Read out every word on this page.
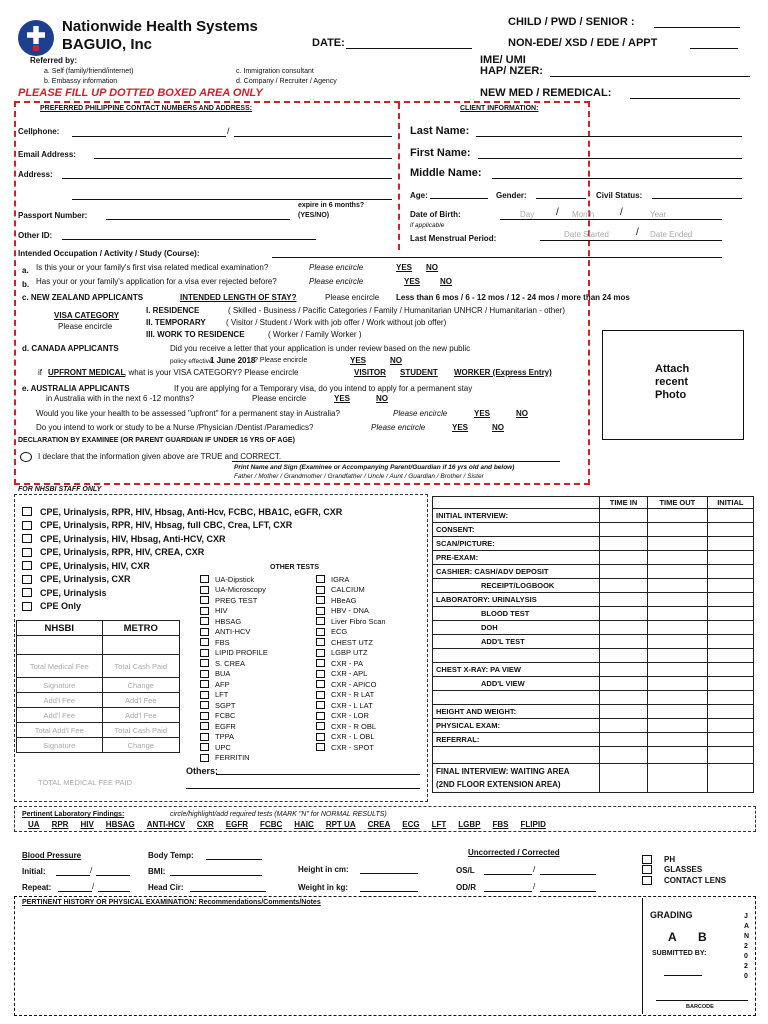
Nationwide Health Systems
BAGUIO, Inc	DATE:
CHILD / PWD / SENIOR :
NON-EDE/ XSD / EDE / APPT
IME/ UMI
HAP/ NZER:
NEW MED / REMEDICAL:
Referred by:
a. Self (family/friend/internet)
b. Embassy information
c. Immigration consultant
d. Company / Recruiter / Agency
PLEASE FILL UP DOTTED BOXED AREA ONLY
PREFERRED PHILIPPINE CONTACT NUMBERS AND ADDRESS:	CLIENT INFORMATION:
Cellphone:	/
Email Address:
Address:
expire in 6 months?
(YES/NO)
Passport Number:
Other ID:
Last Name:
First Name:
Middle Name:
Age:	Gender:	Civil Status:
Date of Birth:	Day / Month	/	Year
if applicable
Last Menstrual Period:	Date Started	/ Date Ended
Intended Occupation / Activity / Study (Course):
a. Is this your or your family's first visa related medical examination?	Please encircle	YES NO
b. Has your or your family's application for a visa ever rejected before?	Please encircle	YES NO
c. NEW ZEALAND APPLICANTS	INTENDED LENGTH OF STAY?	Please encircle Less than 6 mos / 6 - 12 mos / 12 - 24 mos / more than 24 mos
VISA CATEGORY
Please encircle
I. RESIDENCE	( Skilled - Business / Pacific Categories / Family / Humanitarian UNHCR / Humanitarian - other)
II. TEMPORARY	( Visitor / Student / Work with job offer / Work without job offer)
III. WORK TO RESIDENCE	( Worker / Family Worker )
d. CANADA APPLICANTS	Did you receive a letter that your application is under review based on the new public
policy effective
1 June 2018
? Please encircle	YES	NO
if UPFRONT MEDICAL
, what is your VISA CATEGORY? Please encircle	VISITOR STUDENT WORKER (Express Entry)
e. AUSTRALIA APPLICANTS	If you are applying for a Temporary visa, do you intend to apply for a permanent stay
in Australia with in the next 6 -12 months?	Please encircle	YES	NO
Would you like your health to be assessed "upfront" for a permanent stay in Australia?	Please encircle	YES	NO
Do you intend to work or study to be a Nurse /Physician /Dentist /Paramedics?	Please encircle	YES	NO
DECLARATION BY EXAMINEE (OR PARENT GUARDIAN IF UNDER 16 YRS OF AGE)
I declare that the information given above are TRUE and CORRECT.
Print Name and Sign (Examinee or Accompanying Parent/Guardian if 16 yrs old and below)
Father / Mother / Grandmother / Grandfather / Uncle / Aunt / Guardian / Brother / Sister
Attach recent Photo
FOR NHSBI STAFF ONLY
CPE, Urinalysis, RPR, HIV, Hbsag, Anti-Hcv, FCBC, HBA1C, eGFR, CXR
CPE, Urinalysis, RPR, HIV, Hbsag, full CBC, Crea, LFT, CXR
CPE, Urinalysis, HIV, Hbsag, Anti-HCV, CXR
CPE, Urinalysis, RPR, HIV, CREA, CXR
CPE, Urinalysis, HIV, CXR
CPE, Urinalysis, CXR
CPE, Urinalysis
CPE Only
OTHER TESTS
UA-Dipstick
UA-Microscopy
PREG TEST
HIV
HBSAG
ANTI-HCV
FBS
LIPID PROFILE
S. CREA
BUA
AFP
LFT
SGPT
FCBC
EGFR
TPPA
UPC
FERRITIN
IGRA
CALCIUM
HBeAG
HBV - DNA
Liver Fibro Scan
ECG
CHEST UTZ
LGBP UTZ
CXR - PA
CXR - APL
CXR - APICO
CXR - R LAT
CXR - L LAT
CXR - LOR
CXR - R OBL
CXR - L OBL
CXR - SPOT
NHSBI	METRO

Total Medical Fee	Total Cash Paid
Signature	Change
Add'l Fee	Add'l Fee
Add'l Fee	Add'l Fee
Total Add'l Fee	Total Cash Paid
Signature	Change
TOTAL MEDICAL FEE PAID
Others:
	TIME IN	TIME OUT	INITIAL
INITIAL INTERVIEW:			
CONSENT:			
SCAN/PICTURE:			
PRE-EXAM:			
CASHIER: CASH/ADV DEPOSIT			
RECEIPT/LOGBOOK			
LABORATORY: URINALYSIS			
BLOOD TEST			
DOH			
ADD'L TEST			

CHEST X-RAY: PA VIEW			
ADD'L VIEW			

HEIGHT AND WEIGHT:			
PHYSICAL EXAM:			
REFERRAL:			

FINAL INTERVIEW: WAITING AREA
(2ND FLOOR EXTENSION AREA)			

Pertinent Laboratory Findings:	circle/highlight/add required tests (MARK "N" for NORMAL RESULTS)
UA RPR HIV HBSAG ANTI-HCV CXR EGFR FCBC HAIC RPT UA CREA ECG LFT LGBP FBS FLIPID
Blood Pressure
Initial:	/
Repeat:	/
Body Temp:
BMI:
Head Cir:
Height in cm:
Weight in kg:
Uncorrected / Corrected
OS/L	/
OD/R	/
PH
GLASSES
CONTACT LENS
PERTINENT HISTORY OR PHYSICAL EXAMINATION: Recommendations/Comments/Notes
GRADING
A B
SUBMITTED BY:
BARCODE
JAN 2020
